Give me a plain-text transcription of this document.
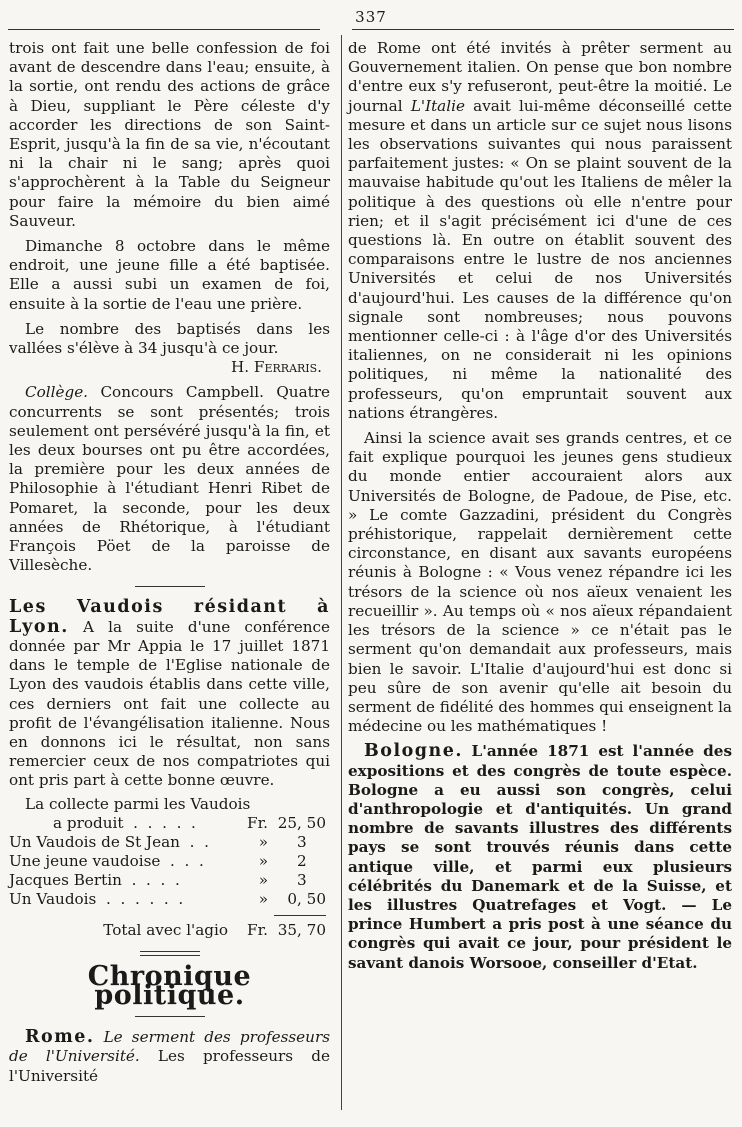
337

trois ont fait une belle confession de foi avant de descendre dans l'eau; ensuite, à la sortie, ont rendu des actions de grâce à Dieu, suppliant le Père céleste d'y accorder les directions de son Saint-Esprit, jusqu'à la fin de sa vie, n'écoutant ni la chair ni le sang; après quoi s'approchèrent à la Table du Seigneur pour faire la mémoire du bien aimé Sauveur.

Dimanche 8 octobre dans le même endroit, une jeune fille a été baptisée. Elle a aussi subi un examen de foi, ensuite à la sortie de l'eau une prière.

Le nombre des baptisés dans les vallées s'élève à 34 jusqu'à ce jour.

H. Ferraris.

Collège. Concours Campbell. Quatre concurrents se sont présentés; trois seulement ont persévéré jusqu'à la fin, et les deux bourses ont pu être accordées, la première pour les deux années de Philosophie à l'étudiant Henri Ribet de Pomaret, la seconde, pour les deux années de Rhétorique, à l'étudiant François Pöet de la paroisse de Villesèche.

Les Vaudois résidant à Lyon. A la suite d'une conférence donnée par Mr Appia le 17 juillet 1871 dans le temple de l'Eglise nationale de Lyon des vaudois établis dans cette ville, ces derniers ont fait une collecte au profit de l'évangélisation italienne. Nous en donnons ici le résultat, non sans remercier ceux de nos compatriotes qui ont pris part à cette bonne œuvre.

La collecte parmi les Vaudois
a produit  .  .  .  .  .	Fr. 25, 50
Un Vaudois de St Jean  .  .	»	3
Une jeune vaudoise  .  .  .	»	2
Jacques Bertin  .  .  .  .	»	3
Un Vaudois  .  .  .  .  .  .	»	0, 50
Total avec l'agio	Fr. 35, 70
Chronique politique.

Rome. Le serment des professeurs de l'Université. Les professeurs de l'Université

de Rome ont été invités à prêter serment au Gouvernement italien. On pense que bon nombre d'entre eux s'y refuseront, peut-être la moitié. Le journal L'Italie avait lui-même déconseillé cette mesure et dans un article sur ce sujet nous lisons les observations suivantes qui nous paraissent parfaitement justes: « On se plaint souvent de la mauvaise habitude qu'out les Italiens de mêler la politique à des questions où elle n'entre pour rien; et il s'agit précisément ici d'une de ces questions là. En outre on établit souvent des comparaisons entre le lustre de nos anciennes Universités et celui de nos Universités d'aujourd'hui. Les causes de la différence qu'on signale sont nombreuses; nous pouvons mentionner celle-ci : à l'âge d'or des Universités italiennes, on ne considerait ni les opinions politiques, ni même la nationalité des professeurs, qu'on empruntait souvent aux nations étrangères.

Ainsi la science avait ses grands centres, et ce fait explique pourquoi les jeunes gens studieux du monde entier accouraient alors aux Universités de Bologne, de Padoue, de Pise, etc. » Le comte Gazzadini, président du Congrès préhistorique, rappelait dernièrement cette circonstance, en disant aux savants européens réunis à Bologne : « Vous venez répandre ici les trésors de la science où nos aïeux venaient les recueillir ». Au temps où « nos aïeux répandaient les trésors de la science » ce n'était pas le serment qu'on demandait aux professeurs, mais bien le savoir. L'Italie d'aujourd'hui est donc si peu sûre de son avenir qu'elle ait besoin du serment de fidélité des hommes qui enseignent la médecine ou les mathématiques !

Bologne. L'année 1871 est l'année des expositions et des congrès de toute espèce. Bologne a eu aussi son congrès, celui d'anthropologie et d'antiquités. Un grand nombre de savants illustres des différents pays se sont trouvés réunis dans cette antique ville, et parmi eux plusieurs célébrités du Danemark et de la Suisse, et les illustres Quatrefages et Vogt. — Le prince Humbert a pris post à une séance du congrès qui avait ce jour, pour président le savant danois Worsooe, conseiller d'Etat.
